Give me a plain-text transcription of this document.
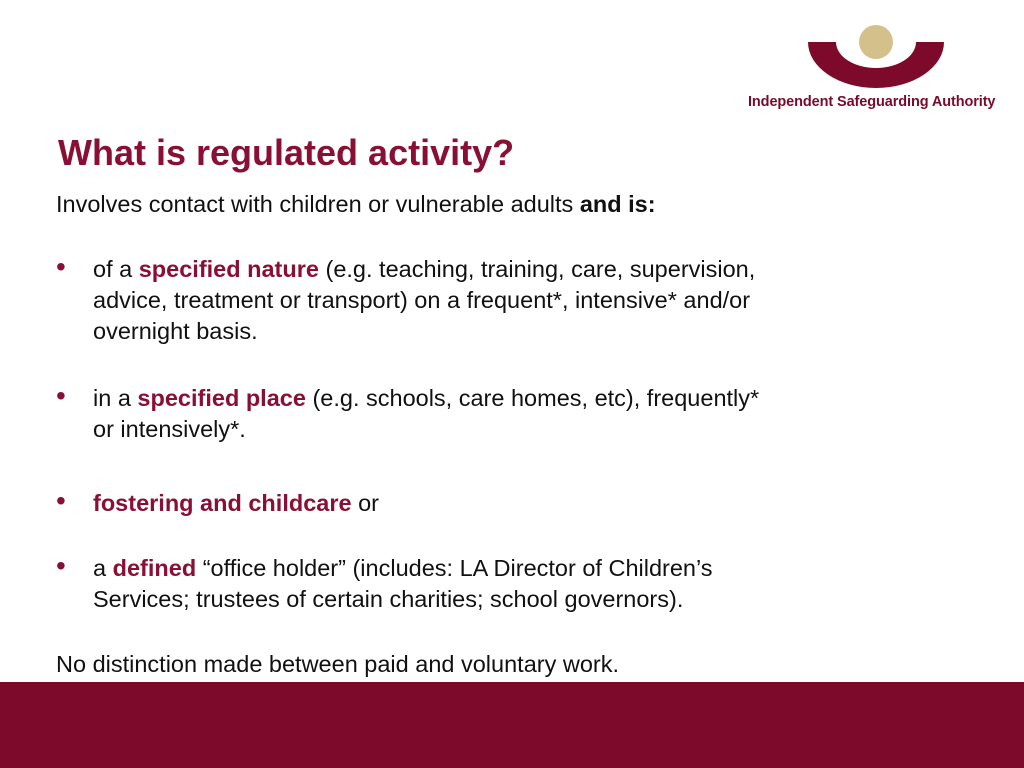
Independent Safeguarding Authority
What is regulated activity?

Involves contact with children or vulnerable adults and is:

• of a specified nature (e.g. teaching, training, care, supervision,
advice, treatment or transport) on a frequent*, intensive* and/or
overnight basis.
• in a specified place (e.g. schools, care homes, etc), frequently*
or intensively*.
• fostering and childcare or
• a defined “office holder” (includes: LA Director of Children’s
Services; trustees of certain charities; school governors).

No distinction made between paid and voluntary work.
